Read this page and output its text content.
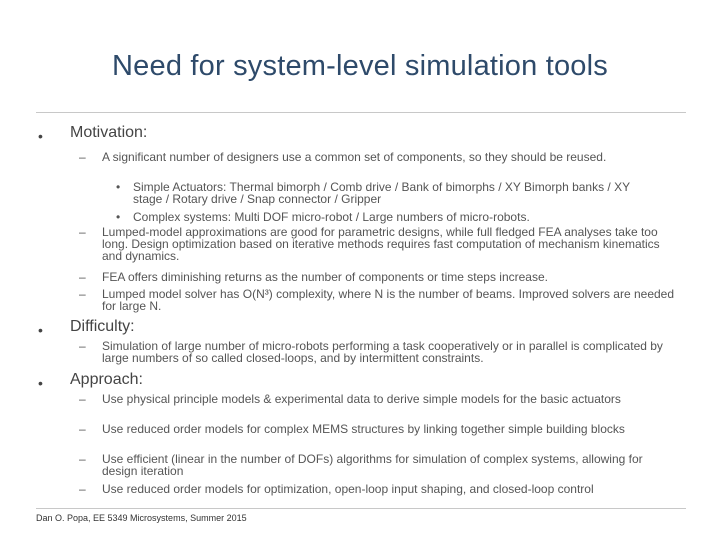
Need for system-level simulation tools
• Motivation:
– A significant number of designers use a common set of components, so they should be reused.
• Simple Actuators: Thermal bimorph / Comb drive / Bank of bimorphs / XY Bimorph banks / XY stage / Rotary drive / Snap connector / Gripper
• Complex systems: Multi DOF micro-robot / Large numbers of micro-robots.
– Lumped-model approximations are good for parametric designs, while full fledged FEA analyses take too long. Design optimization based on iterative methods requires fast computation of mechanism kinematics and dynamics.
– FEA offers diminishing returns as the number of components or time steps increase.
– Lumped model solver has O(N³) complexity, where N is the number of beams. Improved solvers are needed for large N.
• Difficulty:
– Simulation of large number of micro-robots performing a task cooperatively or in parallel is complicated by large numbers of so called closed-loops, and by intermittent constraints.
• Approach:
– Use physical principle models & experimental data to derive simple models for the basic actuators
– Use reduced order models for complex MEMS structures by linking together simple building blocks
– Use efficient (linear in the number of DOFs) algorithms for simulation of complex systems, allowing for design iteration
– Use reduced order models for optimization, open-loop input shaping, and closed-loop control
Dan O. Popa, EE 5349 Microsystems, Summer 2015
